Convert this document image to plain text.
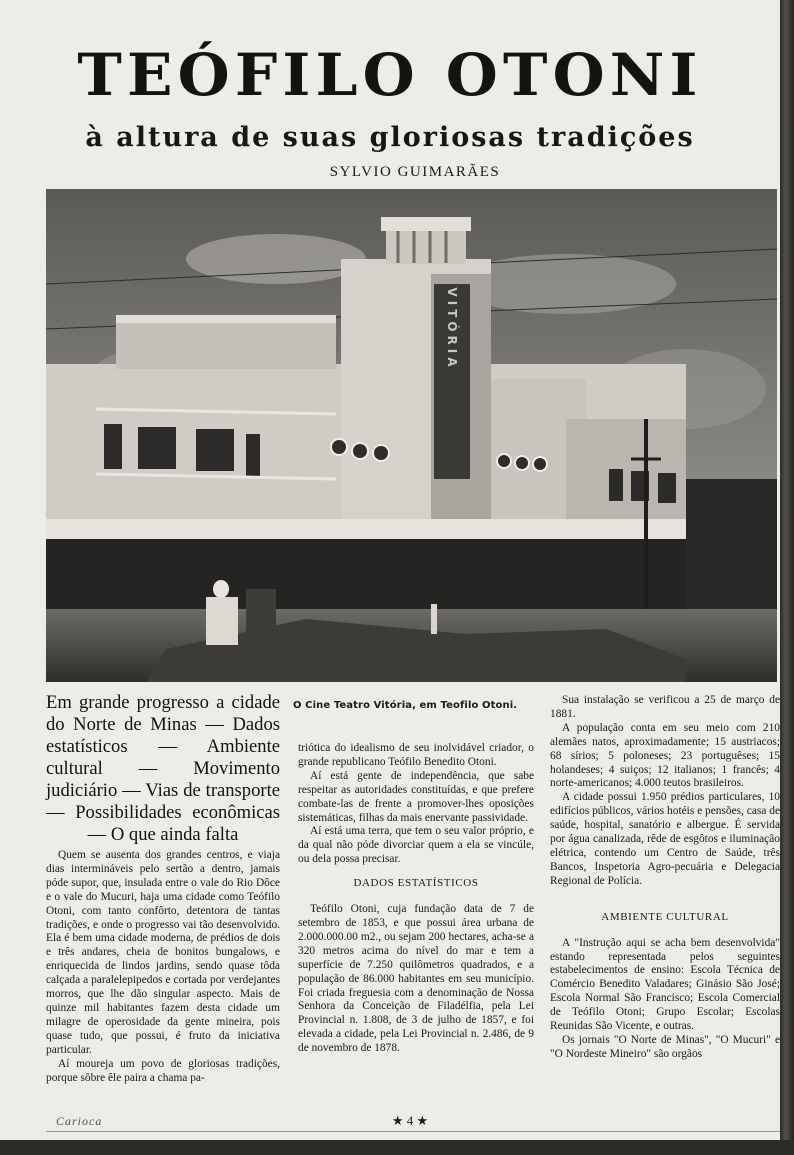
TEÓFILO OTONI
à altura de suas gloriosas tradições
SYLVIO GUIMARÃES
VITÓRIA
O Cine Teatro Vitória, em Teofilo Otoni.
Em grande progresso a cidade do Norte de Minas — Dados estatísticos — Ambiente cultural — Movimento judiciário — Vias de transporte — Possibilidades econômicas — O que ainda falta

Quem se ausenta dos grandes centros, e viaja dias intermináveis pelo sertão a dentro, jamais póde supor, que, insulada entre o vale do Rio Dôce e o vale do Mucuri, haja uma cidade como Teófilo Otoni, com tanto confôrto, detentora de tantas tradições, e onde o progresso vai tão desenvolvido. Ela é bem uma cidade moderna, de prédios de dois e três andares, cheia de bonitos bungalows, e enriquecida de lindos jardins, sendo quase tôda calçada a paralelepipedos e cortada por verdejantes morros, que lhe dão singular aspecto. Mais de quinze mil habitantes fazem desta cidade um milagre de operosidade da gente mineira, pois quase tudo, que possui, é fruto da iniciativa particular.

Aí moureja um povo de gloriosas tradições, porque sôbre êle paira a chama pa-

triótica do idealismo de seu inolvidável criador, o grande republicano Teófilo Benedito Otoni.

Aí está gente de independência, que sabe respeitar as autoridades constituídas, e que prefere combate-las de frente a promover-lhes oposições sistemáticas, filhas da mais enervante passividade.

Aí está uma terra, que tem o seu valor próprio, e da qual não póde divorciar quem a ela se vincúle, ou dela possa precisar.

DADOS ESTATÍSTICOS

Teófilo Otoni, cuja fundação data de 7 de setembro de 1853, e que possui área urbana de 2.000.000.00 m2., ou sejam 200 hectares, acha-se a 320 metros acima do nível do mar e tem a superfície de 7.250 quilômetros quadrados, e a população de 86.000 habitantes em seu município. Foi criada freguesia com a denominação de Nossa Senhora da Conceição de Filadélfia, pela Lei Provincial n. 1.808, de 3 de julho de 1857, e foi elevada a cidade, pela Lei Provincial n. 2.486, de 9 de novembro de 1878.

Sua instalação se verificou a 25 de março de 1881.

A população conta em seu meio com 210 alemães natos, aproximadamente; 15 austriacos; 68 sírios; 5 poloneses; 23 portuguêses; 15 holandeses; 4 suiços; 12 italianos; 1 francês; 4 norte-americanos; 4.000 teutos brasileiros.

A cidade possui 1.950 prédios particulares, 10 edifícios públicos, vários hotéis e pensões, casa de saúde, hospital, sanatório e albergue. É servida por água canalizada, rêde de esgôtos e iluminação elétrica, contendo um Centro de Saúde, três Bancos, Inspetoria Agro-pecuária e Delegacia Regional de Polícia.

AMBIENTE CULTURAL

A "Instrução aqui se acha bem desenvolvida" estando representada pelos seguintes estabelecimentos de ensino: Escola Técnica de Comércio Benedito Valadares; Ginásio São José; Escola Normal São Francisco; Escola Comercial de Teófilo Otoni; Grupo Escolar; Escolas Reunidas São Vicente, e outras.

Os jornais "O Norte de Minas", "O Mucuri" e "O Nordeste Mineiro" são orgãos

Carioca	★ 4 ★
